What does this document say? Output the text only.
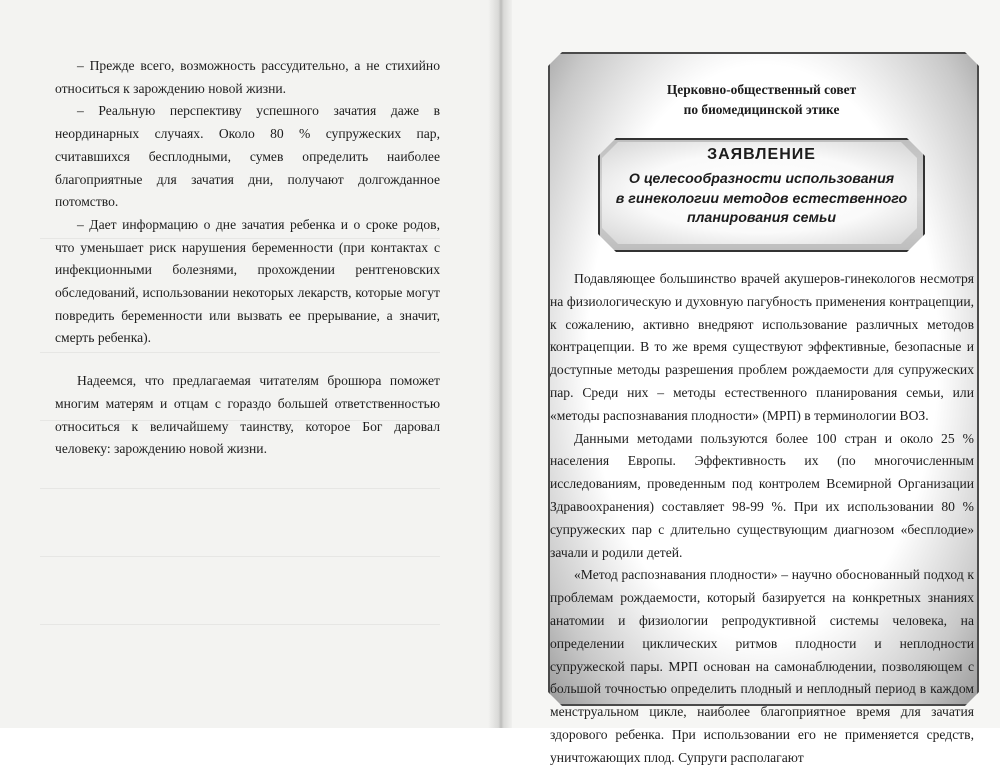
– Прежде всего, возможность рассудительно, а не стихийно относиться к зарождению новой жизни.

– Реальную перспективу успешного зачатия даже в неординарных случаях. Около 80 % супружеских пар, считавшихся бесплодными, сумев определить наиболее благоприятные для зачатия дни, получают долгожданное потомство.

– Дает информацию о дне зачатия ребенка и о сроке родов, что уменьшает риск нарушения беременности (при контактах с инфекционными болезнями, прохождении рентгеновских обследований, использовании некоторых лекарств, которые могут повредить беременности или вызвать ее прерывание, а значит, смерть ребенка).

Надеемся, что предлагаемая читателям брошюра поможет многим матерям и отцам с гораздо большей ответственностью относиться к величайшему таинству, которое Бог даровал человеку: зарождению новой жизни.

Церковно-общественный совет
по биомедицинской этике
ЗАЯВЛЕНИЕ
О целесообразности использования
в гинекологии методов естественного
планирования семьи

Подавляющее большинство врачей акушеров-гинекологов несмотря на физиологическую и духовную пагубность применения контрацепции, к сожалению, активно внедряют использование различных методов контрацепции. В то же время существуют эффективные, безопасные и доступные методы разрешения проблем рождаемости для супружеских пар. Среди них – методы естественного планирования семьи, или «методы распознавания плодности» (МРП) в терминологии ВОЗ.

Данными методами пользуются более 100 стран и около 25 % населения Европы. Эффективность их (по многочисленным исследованиям, проведенным под контролем Всемирной Организации Здравоохранения) составляет 98-99 %. При их использовании 80 % супружеских пар с длительно существующим диагнозом «бесплодие» зачали и родили детей.

«Метод распознавания плодности» – научно обоснованный подход к проблемам рождаемости, который базируется на конкретных знаниях анатомии и физиологии репродуктивной системы человека, на определении циклических ритмов плодности и неплодности супружеской пары. МРП основан на самонаблюдении, позволяющем с большой точностью определить плодный и неплодный период в каждом менструальном цикле, наиболее благоприятное время для зачатия здорового ребенка. При использовании его не применяется средств, уничтожающих плод. Супруги располагают
